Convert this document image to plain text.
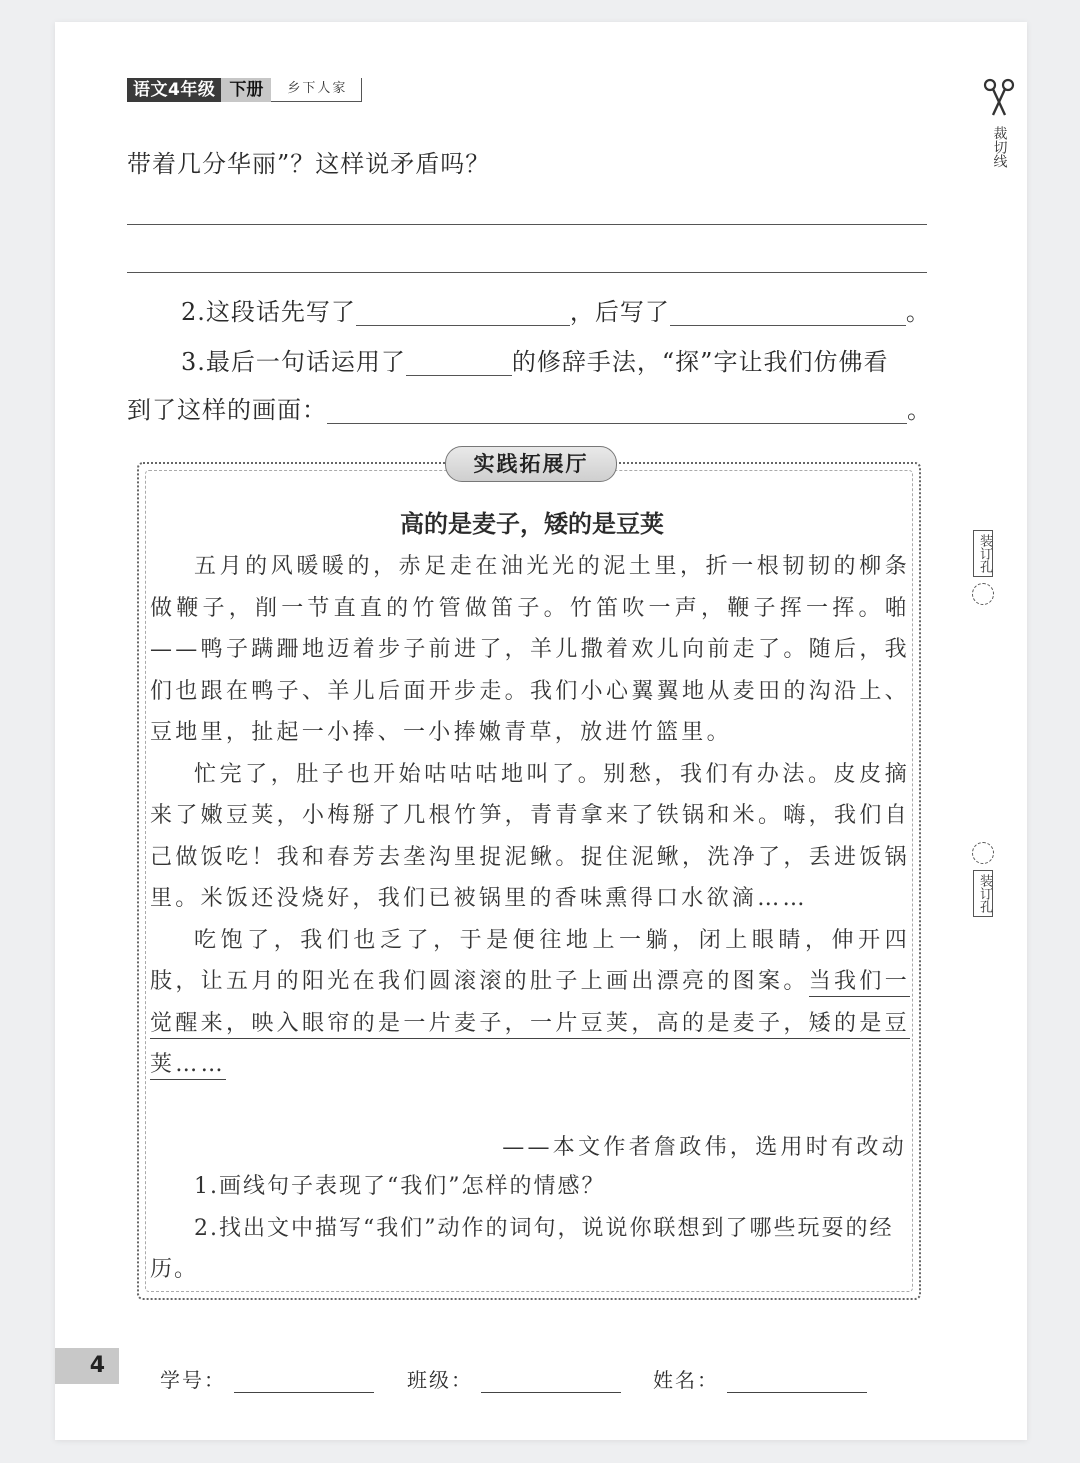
语文4年级 下册	乡下人家
裁切线
装订孔
装订孔
带着几分华丽”？这样说矛盾吗？
2.这段话先写了	，后写了	。
3.最后一句话运用了	的修辞手法，“探”字让我们仿佛看
到了这样的画面：	。
实践拓展厅
高的是麦子，矮的是豆荚

五月的风暖暖的，赤足走在油光光的泥土里，折一根韧韧的柳条做鞭子，削一节直直的竹管做笛子。竹笛吹一声，鞭子挥一挥。啪——鸭子蹒跚地迈着步子前进了，羊儿撒着欢儿向前走了。随后，我们也跟在鸭子、羊儿后面开步走。我们小心翼翼地从麦田的沟沿上、豆地里，扯起一小捧、一小捧嫩青草，放进竹篮里。

忙完了，肚子也开始咕咕咕地叫了。别愁，我们有办法。皮皮摘来了嫩豆荚，小梅掰了几根竹笋，青青拿来了铁锅和米。嗨，我们自己做饭吃！我和春芳去垄沟里捉泥鳅。捉住泥鳅，洗净了，丢进饭锅里。米饭还没烧好，我们已被锅里的香味熏得口水欲滴……

吃饱了，我们也乏了，于是便往地上一躺，闭上眼睛，伸开四肢，让五月的阳光在我们圆滚滚的肚子上画出漂亮的图案。当我们一觉醒来，映入眼帘的是一片麦子，一片豆荚，高的是麦子，矮的是豆荚……

——本文作者詹政伟，选用时有改动

1.画线句子表现了“我们”怎样的情感？

2.找出文中描写“我们”动作的词句，说说你联想到了哪些玩耍的经历。

4
学号：	班级：	姓名：
